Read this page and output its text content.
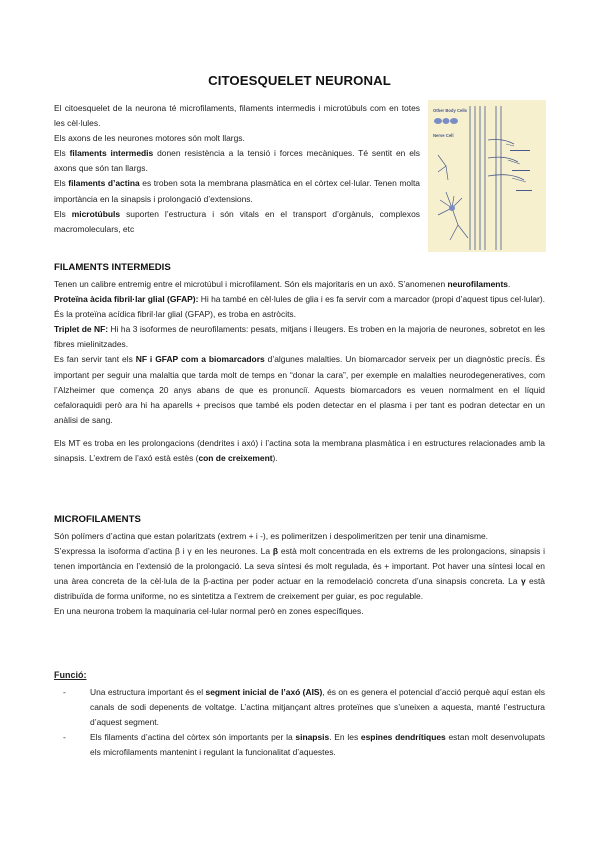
CITOESQUELET NEURONAL

El citoesquelet de la neurona té microfilaments, filaments intermedis i microtúbuls com en totes les cèl·lules.

Els axons de les neurones motores són molt llargs.

Els filaments intermedis donen resistència a la tensió i forces mecàniques. Té sentit en els axons que són tan llargs.

Els filaments d’actina es troben sota la membrana plasmàtica en el còrtex cel·lular. Tenen molta importància en la sinapsis i prolongació d’extensions.

Els microtúbuls suporten l’estructura i són vitals en el transport d’orgànuls, complexos macromoleculars, etc

Other Body Cells
Nerve Cell
FILAMENTS INTERMEDIS

Tenen un calibre entremig entre el microtúbul i microfilament. Són els majoritaris en un axó. S’anomenen neurofilaments.

Proteïna àcida fibril·lar glial (GFAP): Hi ha també en cèl·lules de glia i es fa servir com a marcador (propi d’aquest tipus cel·lular). És la proteïna acídica fibril·lar glial (GFAP), es troba en astròcits.

Triplet de NF: Hi ha 3 isoformes de neurofilaments: pesats, mitjans i lleugers. Es troben en la majoria de neurones, sobretot en les fibres mielinitzades.

Es fan servir tant els NF i GFAP com a biomarcadors d’algunes malalties. Un biomarcador serveix per un diagnòstic precís. És important per seguir una malaltia que tarda molt de temps en “donar la cara”, per exemple en malalties neurodegeneratives, com l’Alzheimer que comença 20 anys abans de que es pronunciï. Aquests biomarcadors es veuen normalment en el líquid cefaloraquidi però ara hi ha aparells + precisos que també els poden detectar en el plasma i per tant es podran detectar en un anàlisi de sang.

Els MT es troba en les prolongacions (dendrites i axó) i l’actina sota la membrana plasmàtica i en estructures relacionades amb la sinapsis. L’extrem de l’axó està estès (con de creixement).

MICROFILAMENTS

Són polímers d’actina que estan polaritzats (extrem + i -), es polimeritzen i despolimeritzen per tenir una dinamisme.

S’expressa la isoforma d’actina β i γ en les neurones. La β està molt concentrada en els extrems de les prolongacions, sinapsis i tenen importància en l’extensió de la prolongació. La seva síntesi és molt regulada, és + important. Pot haver una síntesi local en una àrea concreta de la cèl·lula de la β-actina per poder actuar en la remodelació concreta d’una sinapsis concreta. La γ està distribuïda de forma uniforme, no es sintetitza a l’extrem de creixement per guiar, es poc regulable.

En una neurona trobem la maquinaria cel·lular normal però en zones específiques.

Funció:

-	Una estructura important és el segment inicial de l’axó (AIS), és on es genera el potencial d’acció perquè aquí estan els canals de sodi depenents de voltatge. L’actina mitjançant altres proteïnes que s’uneixen a aquesta, manté l’estructura d’aquest segment.
-	Els filaments d’actina del còrtex són importants per la sinapsis. En les espines dendrítiques estan molt desenvolupats els microfilaments mantenint i regulant la funcionalitat d’aquestes.
